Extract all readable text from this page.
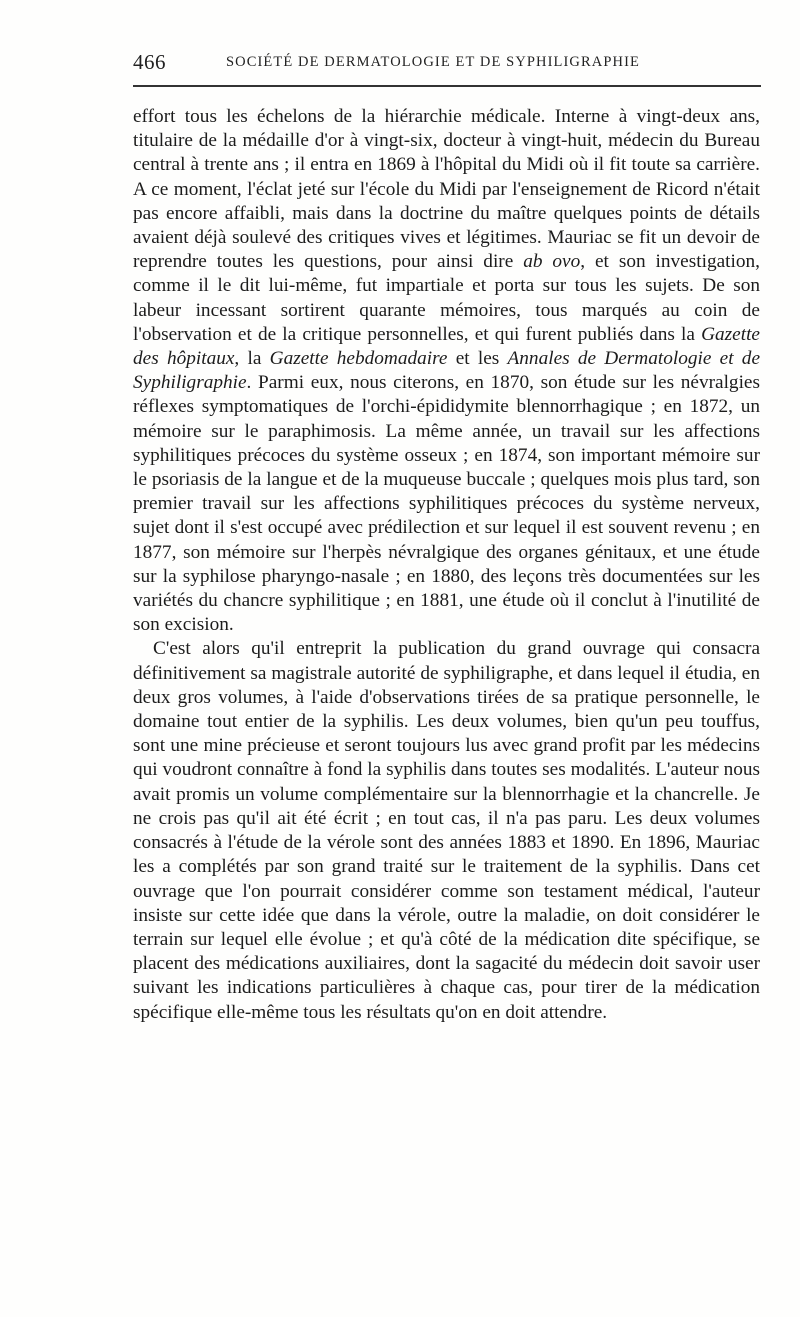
466	SOCIÉTÉ DE DERMATOLOGIE ET DE SYPHILIGRAPHIE

effort tous les échelons de la hiérarchie médicale. Interne à vingt-deux ans, titulaire de la médaille d'or à vingt-six, docteur à vingt-huit, médecin du Bureau central à trente ans ; il entra en 1869 à l'hôpital du Midi où il fit toute sa carrière. A ce moment, l'éclat jeté sur l'école du Midi par l'enseignement de Ricord n'était pas encore affaibli, mais dans la doctrine du maître quelques points de détails avaient déjà soulevé des critiques vives et légitimes. Mauriac se fit un devoir de reprendre toutes les questions, pour ainsi dire ab ovo, et son investigation, comme il le dit lui-même, fut impartiale et porta sur tous les sujets. De son labeur incessant sortirent quarante mémoires, tous marqués au coin de l'observation et de la critique personnelles, et qui furent publiés dans la Gazette des hôpitaux, la Gazette hebdomadaire et les Annales de Dermatologie et de Syphiligraphie. Parmi eux, nous citerons, en 1870, son étude sur les névralgies réflexes symptomatiques de l'orchi-épididymite blennorrhagique ; en 1872, un mémoire sur le paraphimosis. La même année, un travail sur les affections syphilitiques précoces du système osseux ; en 1874, son important mémoire sur le psoriasis de la langue et de la muqueuse buccale ; quelques mois plus tard, son premier travail sur les affections syphilitiques précoces du système nerveux, sujet dont il s'est occupé avec prédilection et sur lequel il est souvent revenu ; en 1877, son mémoire sur l'herpès névralgique des organes génitaux, et une étude sur la syphilose pharyngo-nasale ; en 1880, des leçons très documentées sur les variétés du chancre syphilitique ; en 1881, une étude où il conclut à l'inutilité de son excision.

C'est alors qu'il entreprit la publication du grand ouvrage qui consacra définitivement sa magistrale autorité de syphiligraphe, et dans lequel il étudia, en deux gros volumes, à l'aide d'observations tirées de sa pratique personnelle, le domaine tout entier de la syphilis. Les deux volumes, bien qu'un peu touffus, sont une mine précieuse et seront toujours lus avec grand profit par les médecins qui voudront connaître à fond la syphilis dans toutes ses modalités. L'auteur nous avait promis un volume complémentaire sur la blennorrhagie et la chancrelle. Je ne crois pas qu'il ait été écrit ; en tout cas, il n'a pas paru. Les deux volumes consacrés à l'étude de la vérole sont des années 1883 et 1890. En 1896, Mauriac les a complétés par son grand traité sur le traitement de la syphilis. Dans cet ouvrage que l'on pourrait considérer comme son testament médical, l'auteur insiste sur cette idée que dans la vérole, outre la maladie, on doit considérer le terrain sur lequel elle évolue ; et qu'à côté de la médication dite spécifique, se placent des médications auxiliaires, dont la sagacité du médecin doit savoir user suivant les indications particulières à chaque cas, pour tirer de la médication spécifique elle-même tous les résultats qu'on en doit attendre.
